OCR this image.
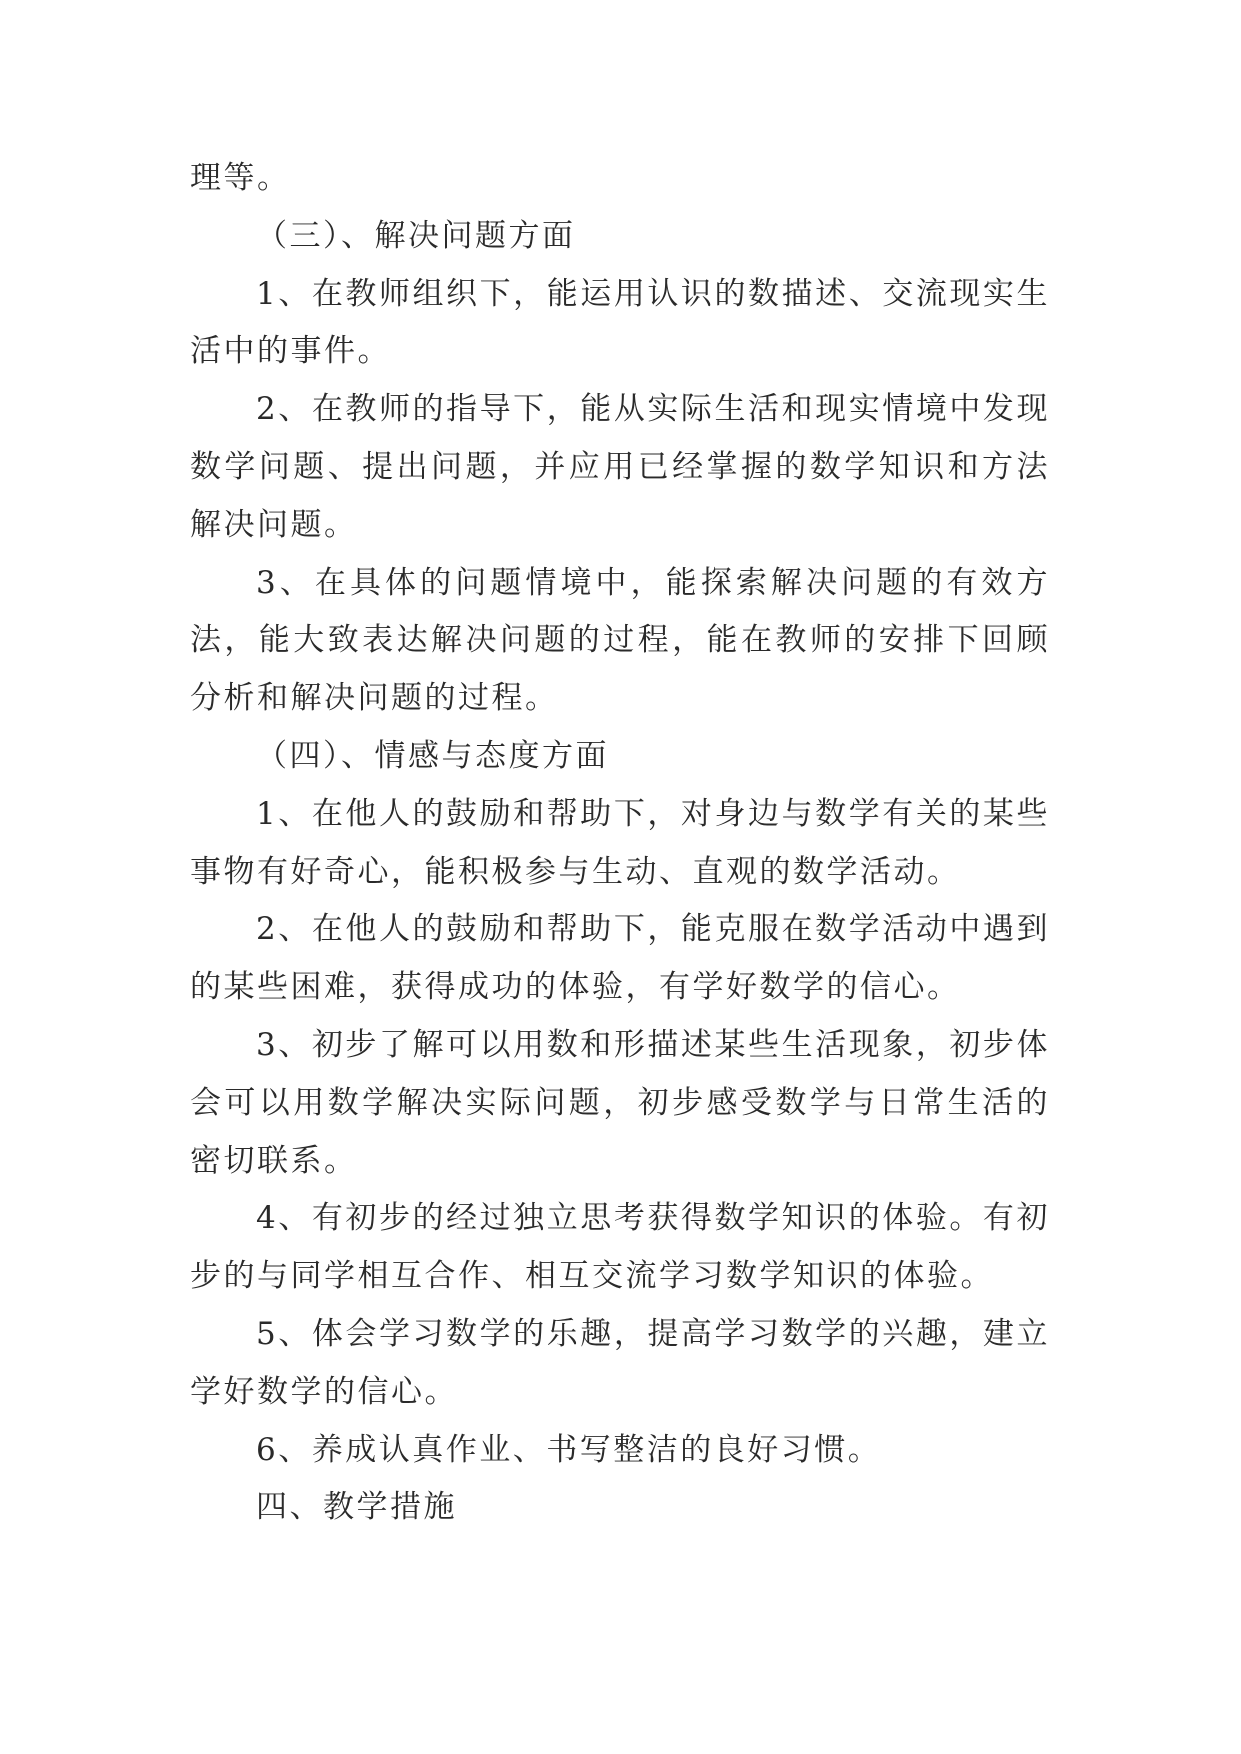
理等。

（三）、解决问题方面

1、在教师组织下，能运用认识的数描述、交流现实生活中的事件。

2、在教师的指导下，能从实际生活和现实情境中发现数学问题、提出问题，并应用已经掌握的数学知识和方法解决问题。

3、在具体的问题情境中，能探索解决问题的有效方法，能大致表达解决问题的过程，能在教师的安排下回顾分析和解决问题的过程。

（四）、情感与态度方面

1、在他人的鼓励和帮助下，对身边与数学有关的某些事物有好奇心，能积极参与生动、直观的数学活动。

2、在他人的鼓励和帮助下，能克服在数学活动中遇到的某些困难，获得成功的体验，有学好数学的信心。

3、初步了解可以用数和形描述某些生活现象，初步体会可以用数学解决实际问题，初步感受数学与日常生活的密切联系。

4、有初步的经过独立思考获得数学知识的体验。有初步的与同学相互合作、相互交流学习数学知识的体验。

5、体会学习数学的乐趣，提高学习数学的兴趣，建立学好数学的信心。

6、养成认真作业、书写整洁的良好习惯。

四、教学措施
